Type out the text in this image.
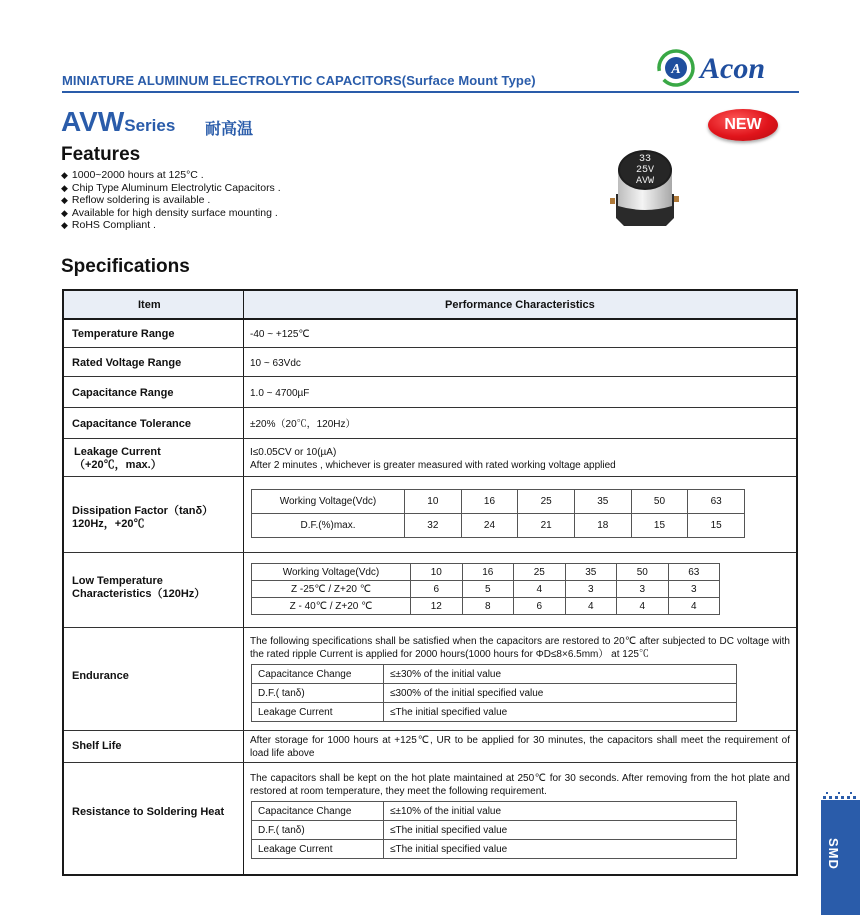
MINIATURE ALUMINUM ELECTROLYTIC CAPACITORS(Surface Mount Type)
A Acon
NEW
AVWSeries 耐高温
Features
◆ 1000~2000 hours at 125°C .
◆ Chip Type Aluminum Electrolytic Capacitors .
◆ Reflow soldering is available .
◆ Available for high density surface mounting .
◆ RoHS Compliant .
33
25V
AVW
Specifications
Item	Performance Characteristics
Temperature Range	-40 ~ +125℃
Rated Voltage Range	10 ~ 63Vdc
Capacitance Range	1.0 ~ 4700µF
Capacitance Tolerance	±20%（20℃，120Hz）
Leakage Current
（+20℃，max.）
I≤0.05CV or 10(µA)
After 2 minutes , whichever is greater measured with rated working voltage applied
Dissipation Factor（tanδ）
120Hz，+20℃
Working Voltage(Vdc)	10	16	25	35	50	63
D.F.(%)max.	32	24	21	18	15	15
Low Temperature
Characteristics（120Hz）
Working Voltage(Vdc)	10	16	25	35	50	63
Z -25℃ / Z+20 ℃	6	5	4	3	3	3
Z - 40℃ / Z+20 ℃	12	8	6	4	4	4
Endurance
The following specifications shall be satisfied when the capacitors are restored to 20℃ after subjected to DC voltage with the rated ripple Current is applied for 2000 hours(1000 hours for ΦD≤8×6.5mm） at 125℃
Capacitance Change	≤±30% of the initial value
D.F.( tanδ)	≤300% of the initial specified value
Leakage Current	≤The initial specified value
Shelf Life	After storage for 1000 hours at +125℃, UR to be applied for 30 minutes, the capacitors shall meet the requirement of load life above
Resistance to Soldering Heat
The capacitors shall be kept on the hot plate maintained at 250℃ for 30 seconds. After removing from the hot plate and restored at room temperature, they meet the following requirement.
Capacitance Change	≤±10% of the initial value
D.F.( tanδ)	≤The initial specified value
Leakage Current	≤The initial specified value	SMD
